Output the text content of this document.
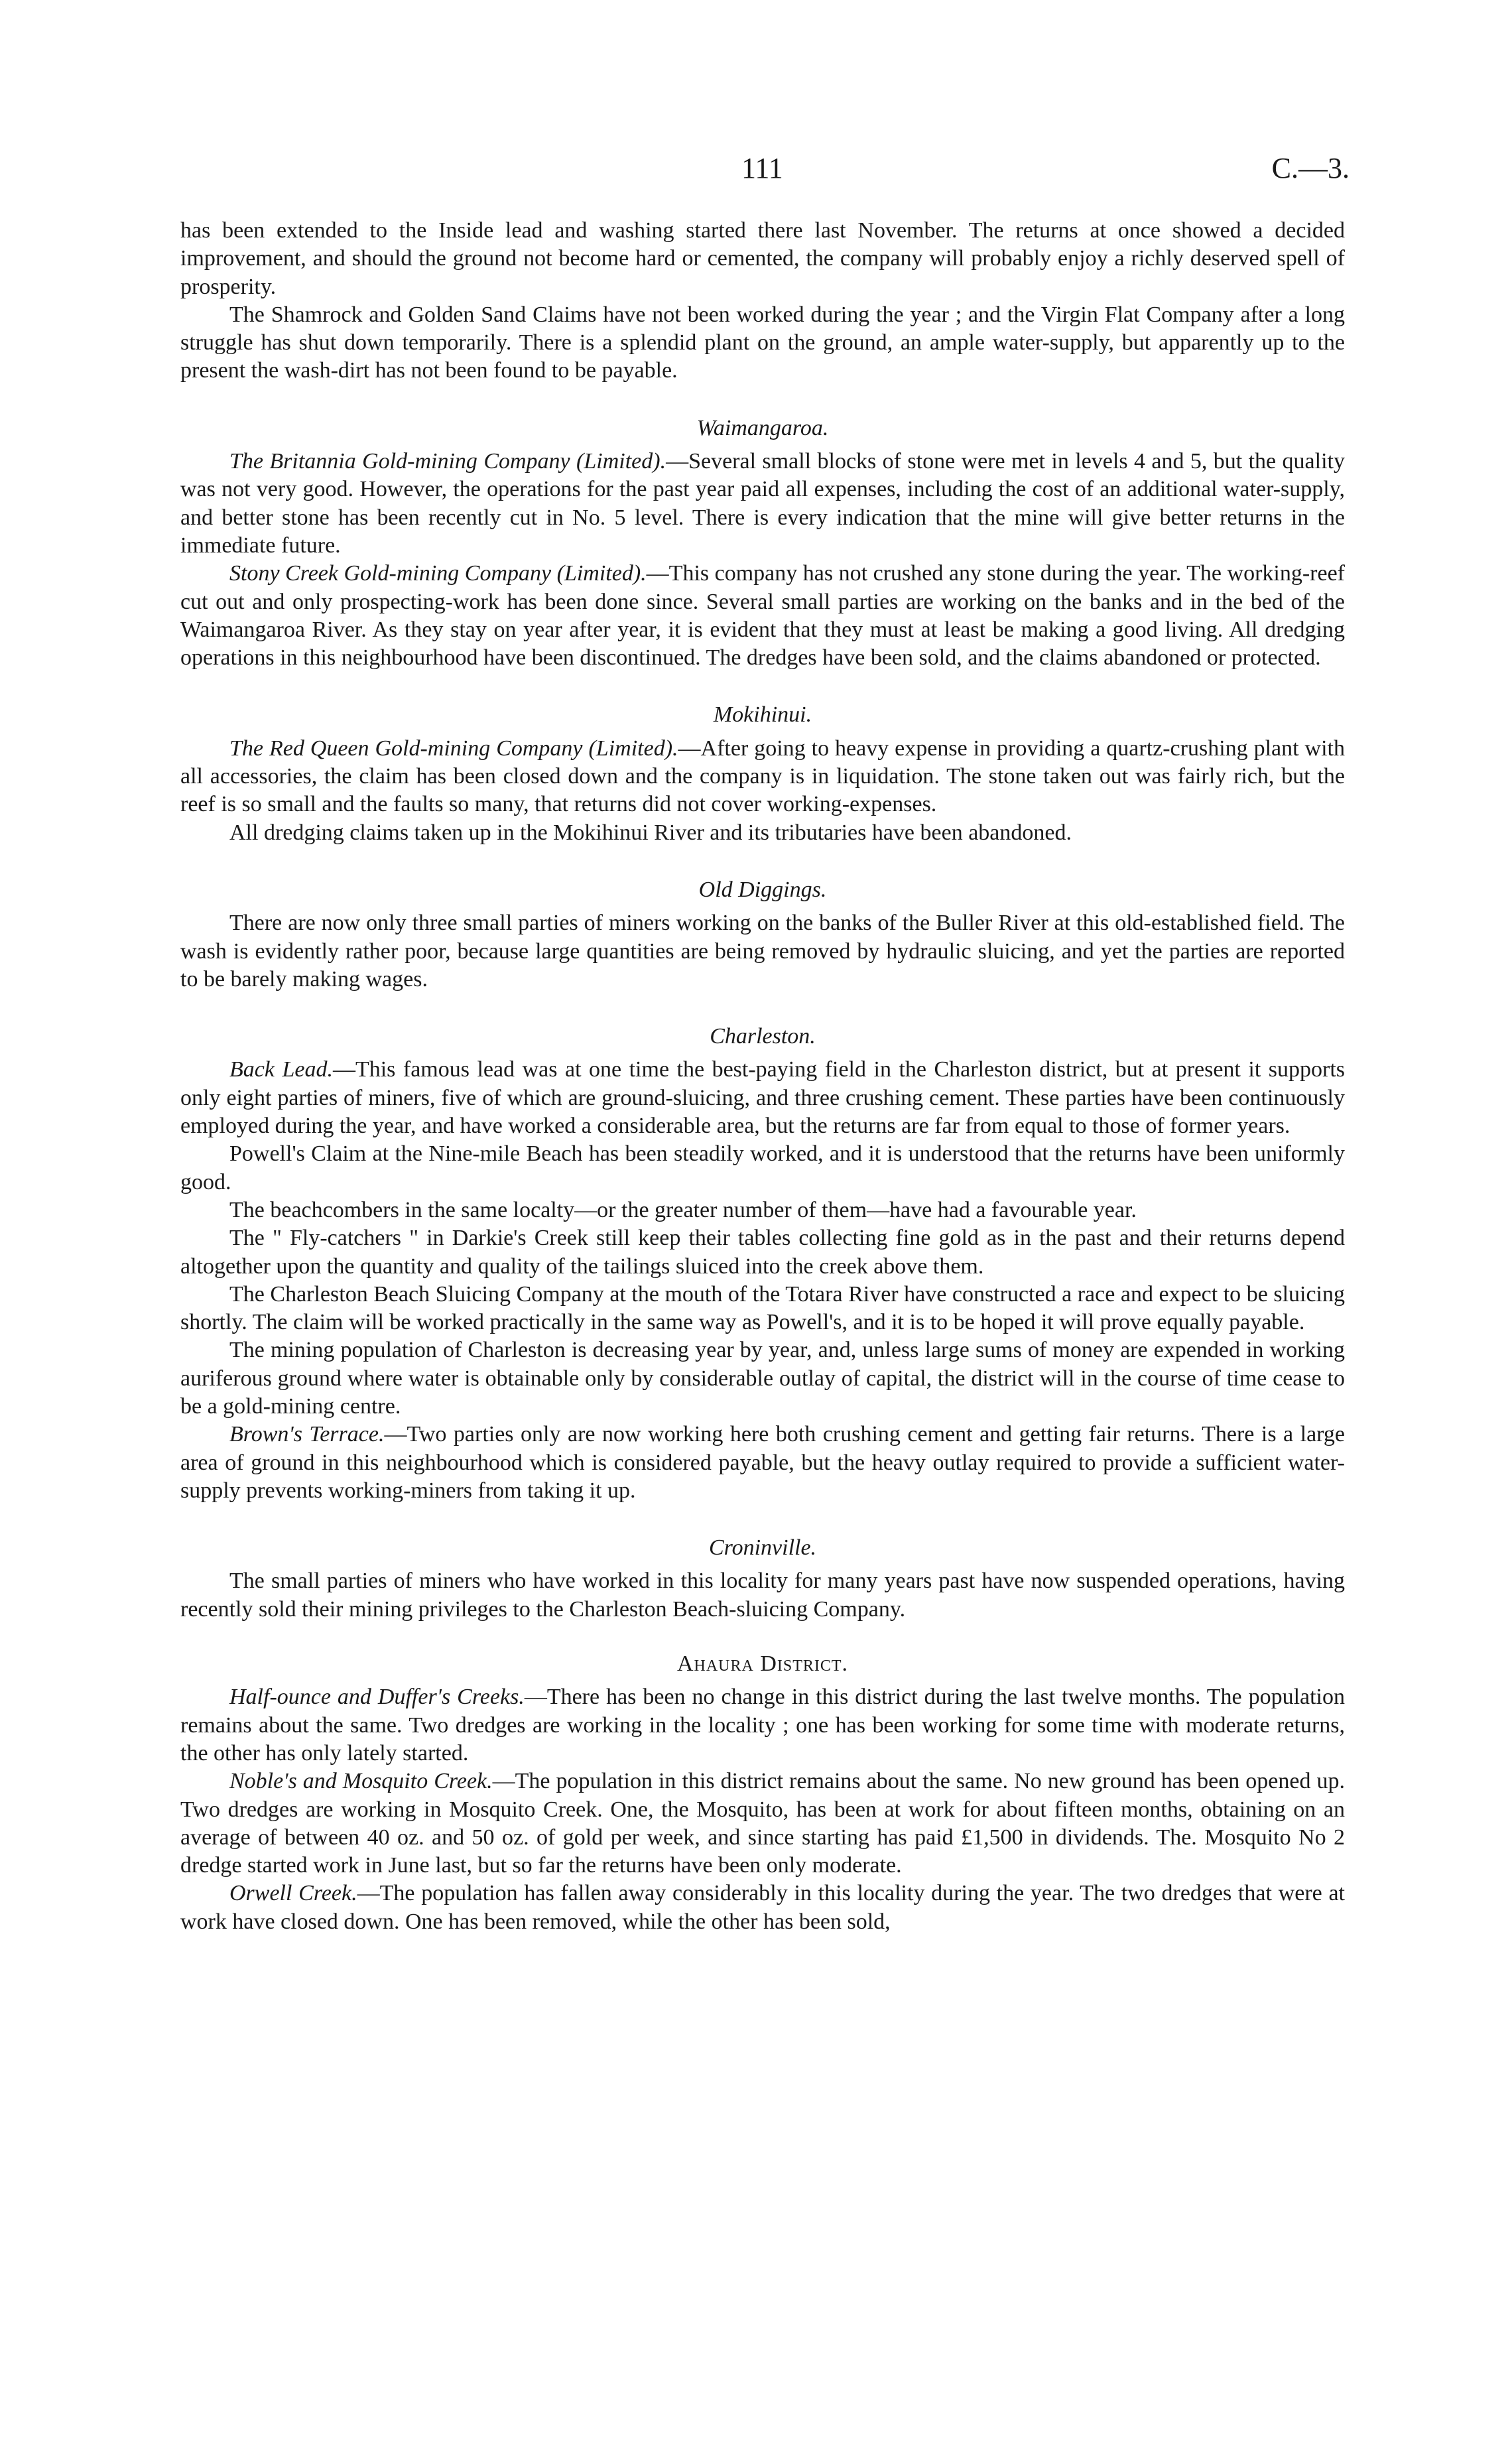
111	C.—3.

has been extended to the Inside lead and washing started there last November. The returns at once showed a decided improvement, and should the ground not become hard or cemented, the company will probably enjoy a richly deserved spell of prosperity.

The Shamrock and Golden Sand Claims have not been worked during the year ; and the Virgin Flat Company after a long struggle has shut down temporarily. There is a splendid plant on the ground, an ample water-supply, but apparently up to the present the wash-dirt has not been found to be payable.

Waimangaroa.

The Britannia Gold-mining Company (Limited).—Several small blocks of stone were met in levels 4 and 5, but the quality was not very good. However, the operations for the past year paid all expenses, including the cost of an additional water-supply, and better stone has been recently cut in No. 5 level. There is every indication that the mine will give better returns in the immediate future.

Stony Creek Gold-mining Company (Limited).—This company has not crushed any stone during the year. The working-reef cut out and only prospecting-work has been done since. Several small parties are working on the banks and in the bed of the Waimangaroa River. As they stay on year after year, it is evident that they must at least be making a good living. All dredging operations in this neighbourhood have been discontinued. The dredges have been sold, and the claims abandoned or protected.

Mokihinui.

The Red Queen Gold-mining Company (Limited).—After going to heavy expense in providing a quartz-crushing plant with all accessories, the claim has been closed down and the company is in liquidation. The stone taken out was fairly rich, but the reef is so small and the faults so many, that returns did not cover working-expenses.

All dredging claims taken up in the Mokihinui River and its tributaries have been abandoned.

Old Diggings.

There are now only three small parties of miners working on the banks of the Buller River at this old-established field. The wash is evidently rather poor, because large quantities are being removed by hydraulic sluicing, and yet the parties are reported to be barely making wages.

Charleston.

Back Lead.—This famous lead was at one time the best-paying field in the Charleston district, but at present it supports only eight parties of miners, five of which are ground-sluicing, and three crushing cement. These parties have been continuously employed during the year, and have worked a considerable area, but the returns are far from equal to those of former years.

Powell's Claim at the Nine-mile Beach has been steadily worked, and it is understood that the returns have been uniformly good.

The beachcombers in the same localty—or the greater number of them—have had a favourable year.

The " Fly-catchers " in Darkie's Creek still keep their tables collecting fine gold as in the past and their returns depend altogether upon the quantity and quality of the tailings sluiced into the creek above them.

The Charleston Beach Sluicing Company at the mouth of the Totara River have constructed a race and expect to be sluicing shortly. The claim will be worked practically in the same way as Powell's, and it is to be hoped it will prove equally payable.

The mining population of Charleston is decreasing year by year, and, unless large sums of money are expended in working auriferous ground where water is obtainable only by considerable outlay of capital, the district will in the course of time cease to be a gold-mining centre.

Brown's Terrace.—Two parties only are now working here both crushing cement and getting fair returns. There is a large area of ground in this neighbourhood which is considered payable, but the heavy outlay required to provide a sufficient water-supply prevents working-miners from taking it up.

Croninville.

The small parties of miners who have worked in this locality for many years past have now suspended operations, having recently sold their mining privileges to the Charleston Beach-sluicing Company.

Ahaura District.

Half-ounce and Duffer's Creeks.—There has been no change in this district during the last twelve months. The population remains about the same. Two dredges are working in the locality ; one has been working for some time with moderate returns, the other has only lately started.

Noble's and Mosquito Creek.—The population in this district remains about the same. No new ground has been opened up. Two dredges are working in Mosquito Creek. One, the Mosquito, has been at work for about fifteen months, obtaining on an average of between 40 oz. and 50 oz. of gold per week, and since starting has paid £1,500 in dividends. The. Mosquito No 2 dredge started work in June last, but so far the returns have been only moderate.

Orwell Creek.—The population has fallen away considerably in this locality during the year. The two dredges that were at work have closed down. One has been removed, while the other has been sold,
